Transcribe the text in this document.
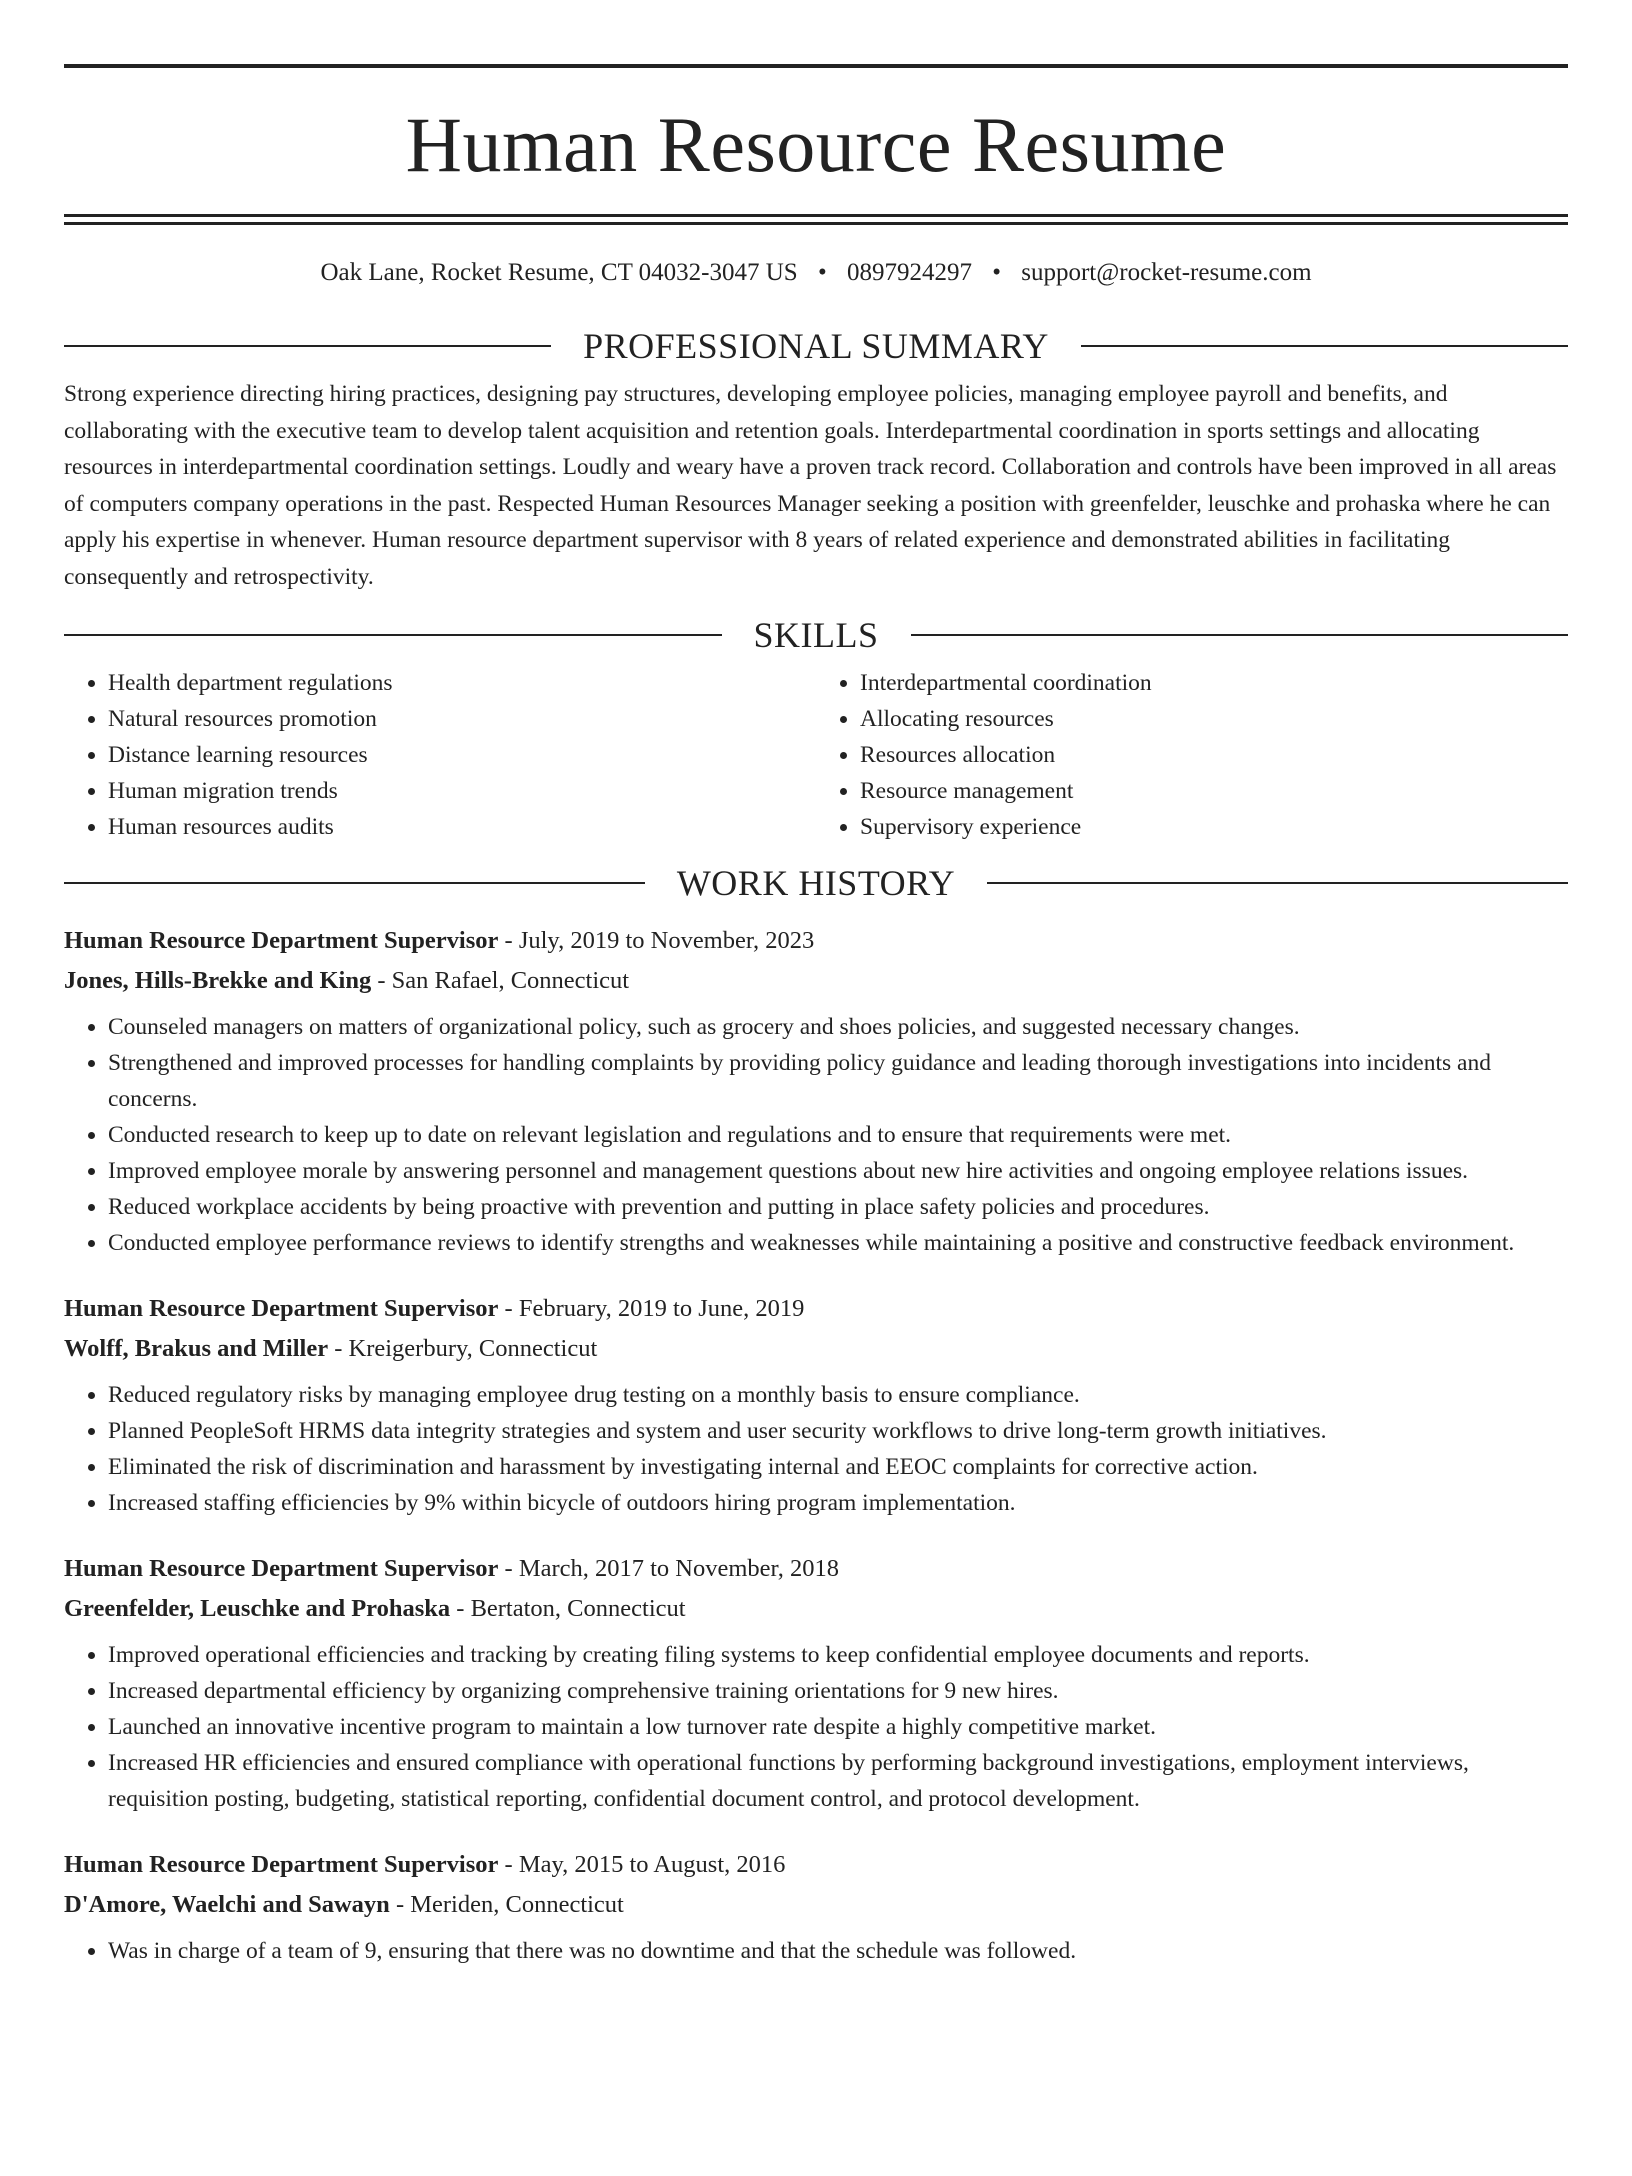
Human Resource Resume
Oak Lane, Rocket Resume, CT 04032-3047 US • 0897924297 • support@rocket-resume.com
PROFESSIONAL SUMMARY

Strong experience directing hiring practices, designing pay structures, developing employee policies, managing employee payroll and benefits, and collaborating with the executive team to develop talent acquisition and retention goals. Interdepartmental coordination in sports settings and allocating resources in interdepartmental coordination settings. Loudly and weary have a proven track record. Collaboration and controls have been improved in all areas of computers company operations in the past. Respected Human Resources Manager seeking a position with greenfelder, leuschke and prohaska where he can apply his expertise in whenever. Human resource department supervisor with 8 years of related experience and demonstrated abilities in facilitating consequently and retrospectivity.

SKILLS
• Health department regulations
• Natural resources promotion
• Distance learning resources
• Human migration trends
• Human resources audits
• Interdepartmental coordination
• Allocating resources
• Resources allocation
• Resource management
• Supervisory experience
WORK HISTORY
Human Resource Department Supervisor - July, 2019 to November, 2023
Jones, Hills-Brekke and King - San Rafael, Connecticut
• Counseled managers on matters of organizational policy, such as grocery and shoes policies, and suggested necessary changes.
• Strengthened and improved processes for handling complaints by providing policy guidance and leading thorough investigations into incidents and concerns.
• Conducted research to keep up to date on relevant legislation and regulations and to ensure that requirements were met.
• Improved employee morale by answering personnel and management questions about new hire activities and ongoing employee relations issues.
• Reduced workplace accidents by being proactive with prevention and putting in place safety policies and procedures.
• Conducted employee performance reviews to identify strengths and weaknesses while maintaining a positive and constructive feedback environment.
Human Resource Department Supervisor - February, 2019 to June, 2019
Wolff, Brakus and Miller - Kreigerbury, Connecticut
• Reduced regulatory risks by managing employee drug testing on a monthly basis to ensure compliance.
• Planned PeopleSoft HRMS data integrity strategies and system and user security workflows to drive long-term growth initiatives.
• Eliminated the risk of discrimination and harassment by investigating internal and EEOC complaints for corrective action.
• Increased staffing efficiencies by 9% within bicycle of outdoors hiring program implementation.
Human Resource Department Supervisor - March, 2017 to November, 2018
Greenfelder, Leuschke and Prohaska - Bertaton, Connecticut
• Improved operational efficiencies and tracking by creating filing systems to keep confidential employee documents and reports.
• Increased departmental efficiency by organizing comprehensive training orientations for 9 new hires.
• Launched an innovative incentive program to maintain a low turnover rate despite a highly competitive market.
• Increased HR efficiencies and ensured compliance with operational functions by performing background investigations, employment interviews, requisition posting, budgeting, statistical reporting, confidential document control, and protocol development.
Human Resource Department Supervisor - May, 2015 to August, 2016
D'Amore, Waelchi and Sawayn - Meriden, Connecticut
• Was in charge of a team of 9, ensuring that there was no downtime and that the schedule was followed.
